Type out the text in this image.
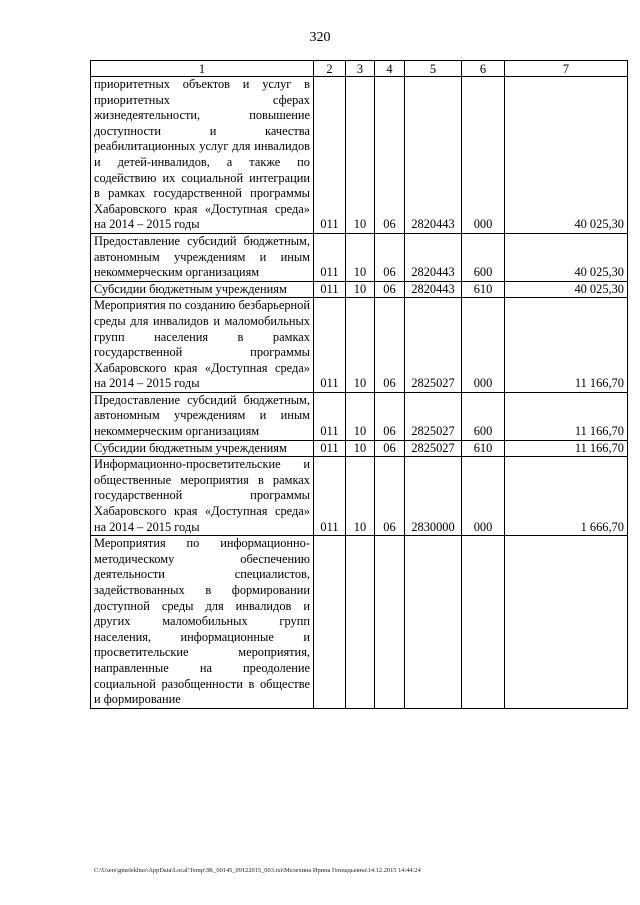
320
1	2	3	4	5	6	7
приоритетных объектов и услуг в приоритетных сферах жизнедеятельности, повышение доступности и качества реабилитационных услуг для инвалидов и детей-инвалидов, а также по содействию их социальной интеграции в рамках государственной программы Хабаровского края «Доступная среда» на 2014 – 2015 годы	011	10	06	2820443	000	40 025,30
Предоставление субсидий бюджетным, автономным учреждениям и иным некоммерческим организациям	011	10	06	2820443	600	40 025,30
Субсидии бюджетным учреждениям	011	10	06	2820443	610	40 025,30
Мероприятия по созданию безбарьерной среды для инвалидов и маломобильных групп населения в рамках государственной программы Хабаровского края «Доступная среда» на 2014 – 2015 годы	011	10	06	2825027	000	11 166,70
Предоставление субсидий бюджетным, автономным учреждениям и иным некоммерческим организациям	011	10	06	2825027	600	11 166,70
Субсидии бюджетным учреждениям	011	10	06	2825027	610	11 166,70
Информационно-просветительские и общественные мероприятия в рамках государственной программы Хабаровского края «Доступная среда» на 2014 – 2015 годы	011	10	06	2830000	000	1 666,70
Мероприятия по информационно-методическому обеспечению деятельности специалистов, задействованных в формировании доступной среды для инвалидов и других маломобильных групп населения, информационные и просветительские мероприятия, направленные на преодоление социальной разобщенности в обществе и формирование						
C:\Users\gmelekhuo\AppData\Local\Temp\ЗК_00145_09122015_003.txt\Мелехина Ирина Геннадьевна\14.12.2015 14:44:24
